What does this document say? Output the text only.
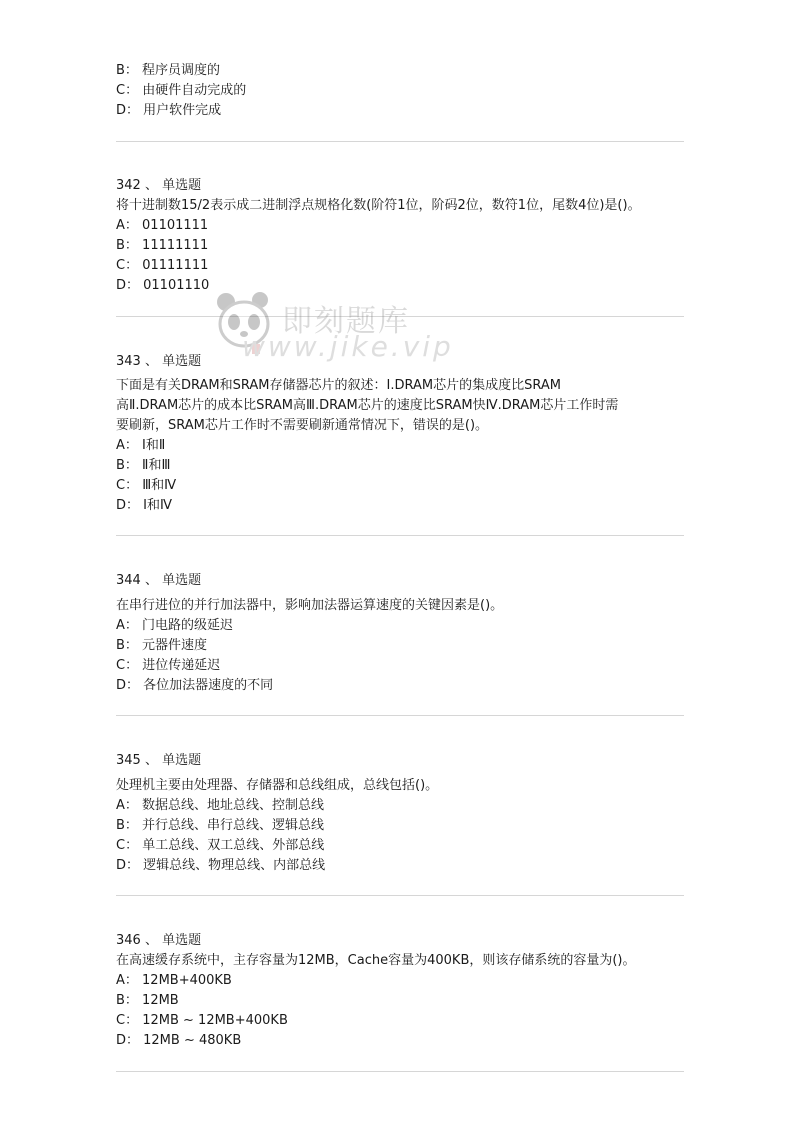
B： 程序员调度的
C： 由硬件自动完成的
D： 用户软件完成
342 、 单选题
将十进制数15/2表示成二进制浮点规格化数(阶符1位，阶码2位，数符1位，尾数4位)是()。
A： 01101111
B： 11111111
C： 01111111
D： 01101110
343 、 单选题
下面是有关DRAM和SRAM存储器芯片的叙述：Ⅰ.DRAM芯片的集成度比SRAM
高Ⅱ.DRAM芯片的成本比SRAM高Ⅲ.DRAM芯片的速度比SRAM快Ⅳ.DRAM芯片工作时需
要刷新，SRAM芯片工作时不需要刷新通常情况下，错误的是()。
A： Ⅰ和Ⅱ
B： Ⅱ和Ⅲ
C： Ⅲ和Ⅳ
D： Ⅰ和Ⅳ
344 、 单选题
在串行进位的并行加法器中，影响加法器运算速度的关键因素是()。
A： 门电路的级延迟
B： 元器件速度
C： 进位传递延迟
D： 各位加法器速度的不同
345 、 单选题
处理机主要由处理器、存储器和总线组成，总线包括()。
A： 数据总线、地址总线、控制总线
B： 并行总线、串行总线、逻辑总线
C： 单工总线、双工总线、外部总线
D： 逻辑总线、物理总线、内部总线
346 、 单选题
在高速缓存系统中，主存容量为12MB，Cache容量为400KB，则该存储系统的容量为()。
A： 12MB+400KB
B： 12MB
C： 12MB ~ 12MB+400KB
D： 12MB ~ 480KB
即刻题库
www.jike.vip
